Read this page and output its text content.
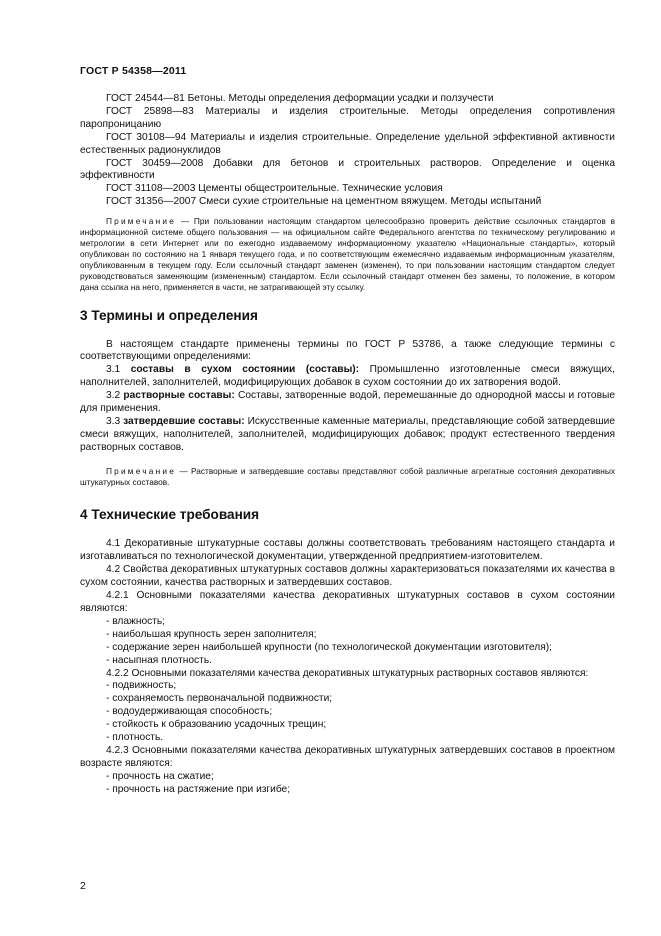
ГОСТ Р 54358—2011

ГОСТ 24544—81 Бетоны. Методы определения деформации усадки и ползучести

ГОСТ 25898—83 Материалы и изделия строительные. Методы определения сопротивления паропроницанию

ГОСТ 30108—94 Материалы и изделия строительные. Определение удельной эффективной активности естественных радионуклидов

ГОСТ 30459—2008 Добавки для бетонов и строительных растворов. Определение и оценка эффективности

ГОСТ 31108—2003 Цементы общестроительные. Технические условия

ГОСТ 31356—2007 Смеси сухие строительные на цементном вяжущем. Методы испытаний

Примечание — При пользовании настоящим стандартом целесообразно проверить действие ссылочных стандартов в информационной системе общего пользования — на официальном сайте Федерального агентства по техническому регулированию и метрологии в сети Интернет или по ежегодно издаваемому информационному указателю «Национальные стандарты», который опубликован по состоянию на 1 января текущего года, и по соответствующим ежемесячно издаваемым информационным указателям, опубликованным в текущем году. Если ссылочный стандарт заменен (изменен), то при пользовании настоящим стандартом следует руководствоваться заменяющим (измененным) стандартом. Если ссылочный стандарт отменен без замены, то положение, в котором дана ссылка на него, применяется в части, не затрагивающей эту ссылку.

3 Термины и определения

В настоящем стандарте применены термины по ГОСТ Р 53786, а также следующие термины с соответствующими определениями:

3.1 составы в сухом состоянии (составы): Промышленно изготовленные смеси вяжущих, наполнителей, заполнителей, модифицирующих добавок в сухом состоянии до их затворения водой.

3.2 растворные составы: Составы, затворенные водой, перемешанные до однородной массы и готовые для применения.

3.3 затвердевшие составы: Искусственные каменные материалы, представляющие собой затвердевшие смеси вяжущих, наполнителей, заполнителей, модифицирующих добавок; продукт естественного твердения растворных составов.

Примечание — Растворные и затвердевшие составы представляют собой различные агрегатные состояния декоративных штукатурных составов.

4 Технические требования

4.1 Декоративные штукатурные составы должны соответствовать требованиям настоящего стандарта и изготавливаться по технологической документации, утвержденной предприятием-изготовителем.

4.2 Свойства декоративных штукатурных составов должны характеризоваться показателями их качества в сухом состоянии, качества растворных и затвердевших составов.

4.2.1 Основными показателями качества декоративных штукатурных составов в сухом состоянии являются:

- влажность;

- наибольшая крупность зерен заполнителя;

- содержание зерен наибольшей крупности (по технологической документации изготовителя);

- насыпная плотность.

4.2.2 Основными показателями качества декоративных штукатурных растворных составов являются:

- подвижность;

- сохраняемость первоначальной подвижности;

- водоудерживающая способность;

- стойкость к образованию усадочных трещин;

- плотность.

4.2.3 Основными показателями качества декоративных штукатурных затвердевших составов в проектном возрасте являются:

- прочность на сжатие;

- прочность на растяжение при изгибе;

2
